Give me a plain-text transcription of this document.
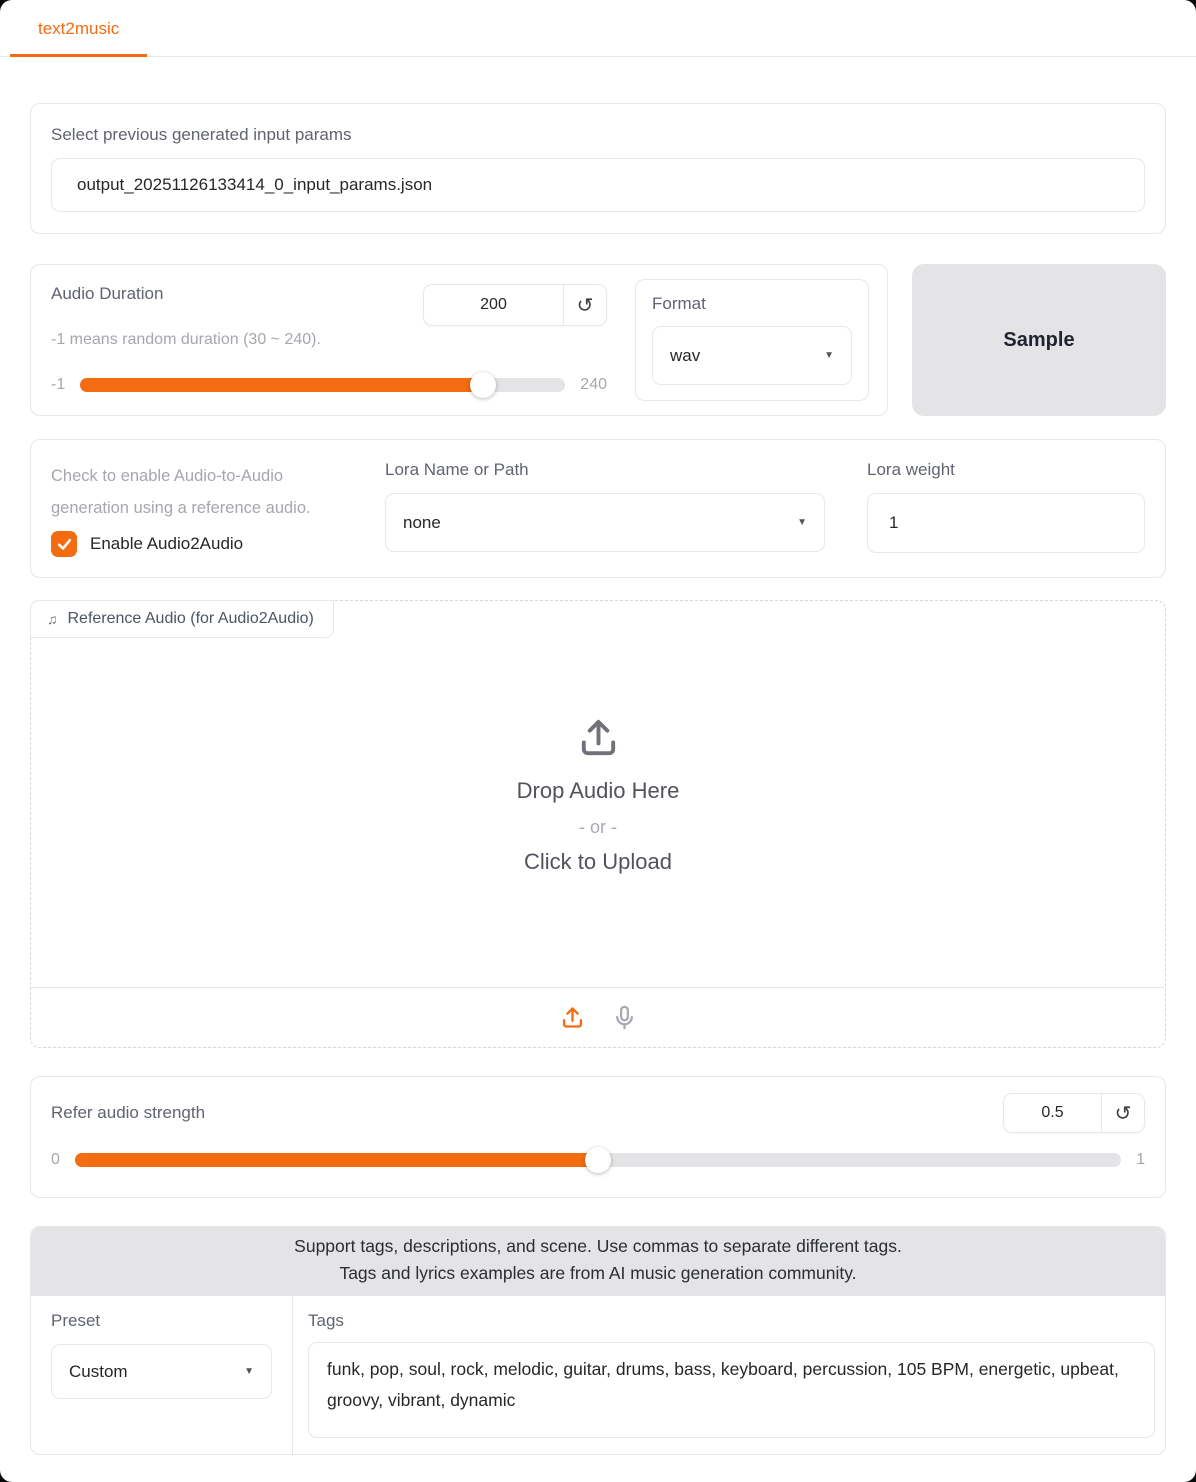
text2music
Select previous generated input params
output_20251126133414_0_input_params.json
Audio Duration
200	↺
-1 means random duration (30 ~ 240).
-1	240
Format
wav	▼
Sample
Check to enable Audio-to-Audio generation using a reference audio.
Enable Audio2Audio
Lora Name or Path
none	▼
Lora weight
1
♫ Reference Audio (for Audio2Audio)
Drop Audio Here
- or -
Click to Upload
Refer audio strength	0.5	↺
0	1
Support tags, descriptions, and scene. Use commas to separate different tags.
Tags and lyrics examples are from AI music generation community.
Preset
Custom	▼
Tags
funk, pop, soul, rock, melodic, guitar, drums, bass, keyboard, percussion, 105 BPM, energetic, upbeat, groovy, vibrant, dynamic
